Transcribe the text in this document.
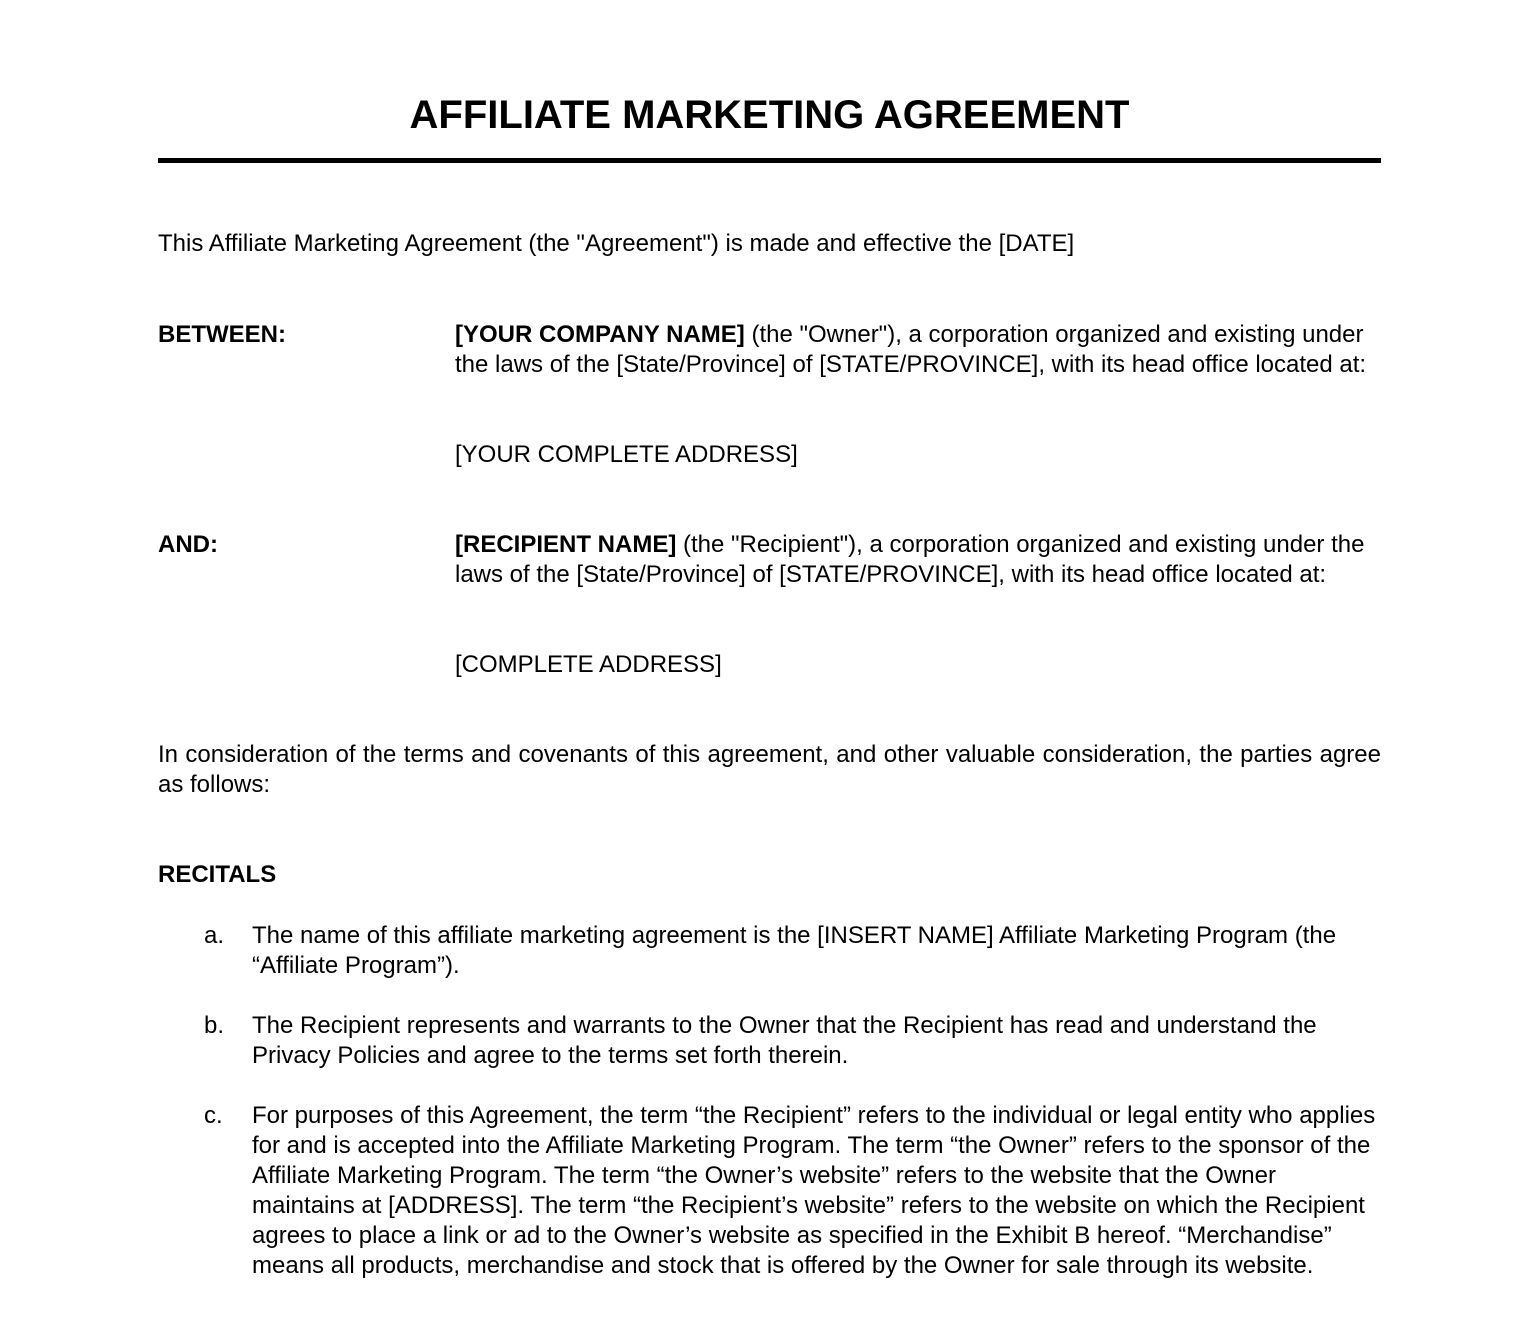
AFFILIATE MARKETING AGREEMENT

This Affiliate Marketing Agreement (the "Agreement") is made and effective the [DATE]

BETWEEN:	[YOUR COMPANY NAME] (the "Owner"), a corporation organized and existing under the laws of the [State/Province] of [STATE/PROVINCE], with its head office located at:
[YOUR COMPLETE ADDRESS]
AND:	[RECIPIENT NAME] (the "Recipient"), a corporation organized and existing under the laws of the [State/Province] of [STATE/PROVINCE], with its head office located at:
[COMPLETE ADDRESS]

In consideration of the terms and covenants of this agreement, and other valuable consideration, the parties agree as follows:

RECITALS
a. The name of this affiliate marketing agreement is the [INSERT NAME] Affiliate Marketing Program (the “Affiliate Program”).
b. The Recipient represents and warrants to the Owner that the Recipient has read and understand the Privacy Policies and agree to the terms set forth therein.
c. For purposes of this Agreement, the term “the Recipient” refers to the individual or legal entity who applies for and is accepted into the Affiliate Marketing Program. The term “the Owner” refers to the sponsor of the Affiliate Marketing Program. The term “the Owner’s website” refers to the website that the Owner maintains at [ADDRESS]. The term “the Recipient’s website” refers to the website on which the Recipient agrees to place a link or ad to the Owner’s website as specified in the Exhibit B hereof. “Merchandise” means all products, merchandise and stock that is offered by the Owner for sale through its website.
